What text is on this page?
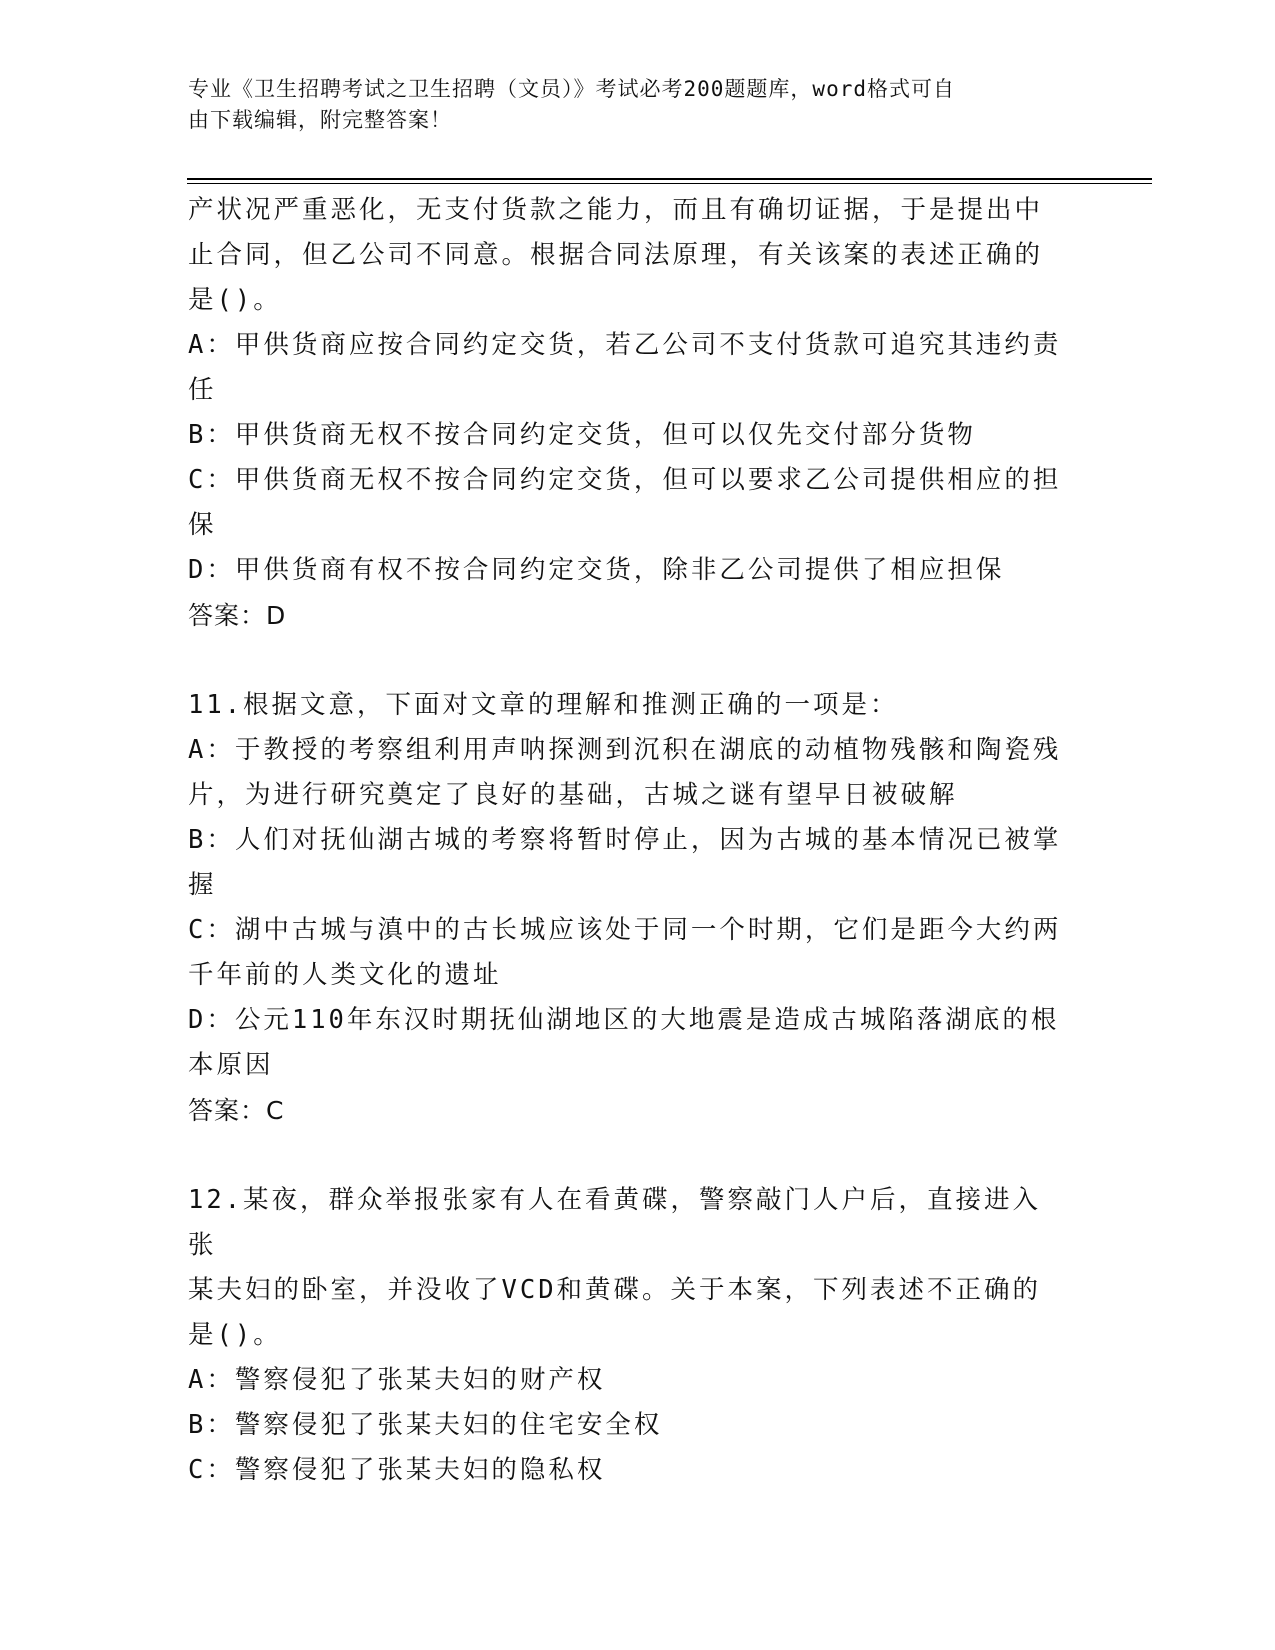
专业《卫生招聘考试之卫生招聘（文员）》考试必考200题题库，word格式可自
由下载编辑，附完整答案！

产状况严重恶化，无支付货款之能力，而且有确切证据，于是提出中

止合同，但乙公司不同意。根据合同法原理，有关该案的表述正确的

是()。

A：甲供货商应按合同约定交货，若乙公司不支付货款可追究其违约责

任

B：甲供货商无权不按合同约定交货，但可以仅先交付部分货物

C：甲供货商无权不按合同约定交货，但可以要求乙公司提供相应的担

保

D：甲供货商有权不按合同约定交货，除非乙公司提供了相应担保

答案：D

11.根据文意，下面对文章的理解和推测正确的一项是：

A：于教授的考察组利用声呐探测到沉积在湖底的动植物残骸和陶瓷残

片，为进行研究奠定了良好的基础，古城之谜有望早日被破解

B：人们对抚仙湖古城的考察将暂时停止，因为古城的基本情况已被掌

握

C：湖中古城与滇中的古长城应该处于同一个时期，它们是距今大约两

千年前的人类文化的遗址

D：公元110年东汉时期抚仙湖地区的大地震是造成古城陷落湖底的根

本原因

答案：C

12.某夜，群众举报张家有人在看黄碟，警察敲门人户后，直接进入张

某夫妇的卧室，并没收了VCD和黄碟。关于本案，下列表述不正确的

是()。

A：警察侵犯了张某夫妇的财产权

B：警察侵犯了张某夫妇的住宅安全权

C：警察侵犯了张某夫妇的隐私权
